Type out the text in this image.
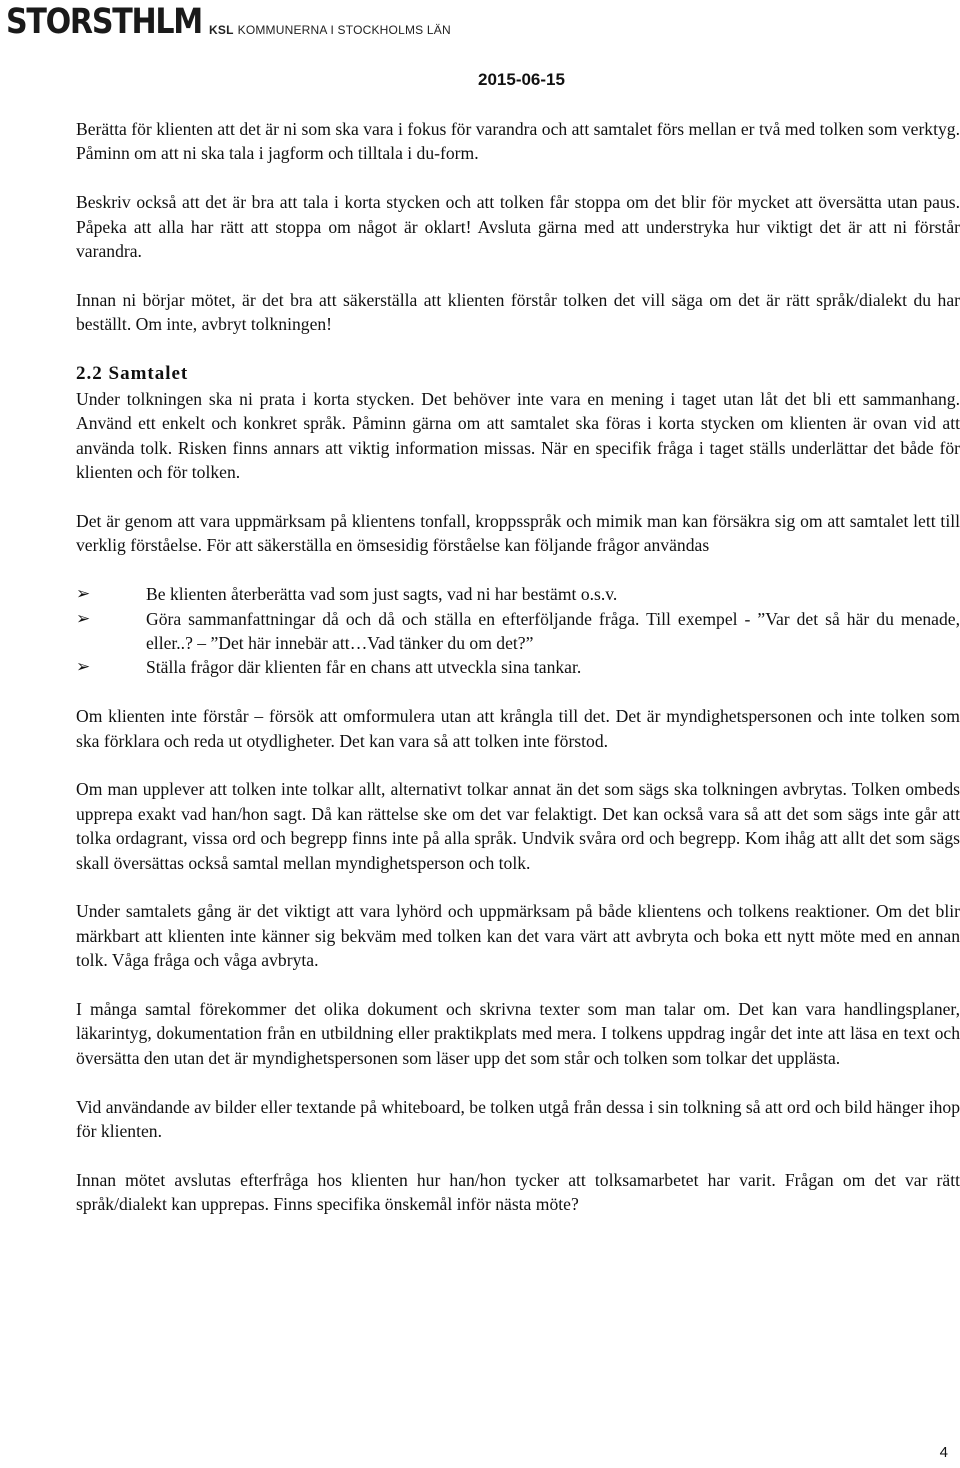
STORSTHLM KSL KOMMUNERNA I STOCKHOLMS LÄN
2015-06-15

Berätta för klienten att det är ni som ska vara i fokus för varandra och att samtalet förs mellan er två med tolken som verktyg. Påminn om att ni ska tala i jagform och tilltala i du-form.

Beskriv också att det är bra att tala i korta stycken och att tolken får stoppa om det blir för mycket att översätta utan paus. Påpeka att alla har rätt att stoppa om något är oklart! Avsluta gärna med att understryka hur viktigt det är att ni förstår varandra.

Innan ni börjar mötet, är det bra att säkerställa att klienten förstår tolken det vill säga om det är rätt språk/dialekt du har beställt. Om inte, avbryt tolkningen!

2.2 Samtalet

Under tolkningen ska ni prata i korta stycken. Det behöver inte vara en mening i taget utan låt det bli ett sammanhang. Använd ett enkelt och konkret språk. Påminn gärna om att samtalet ska föras i korta stycken om klienten är ovan vid att använda tolk. Risken finns annars att viktig information missas. När en specifik fråga i taget ställs underlättar det både för klienten och för tolken.

Det är genom att vara uppmärksam på klientens tonfall, kroppsspråk och mimik man kan försäkra sig om att samtalet lett till verklig förståelse. För att säkerställa en ömsesidig förståelse kan följande frågor användas

➢	Be klienten återberätta vad som just sagts, vad ni har bestämt o.s.v.
➢	Göra sammanfattningar då och då och ställa en efterföljande fråga. Till exempel - ”Var det så här du menade, eller..? – ”Det här innebär att…Vad tänker du om det?”
➢	Ställa frågor där klienten får en chans att utveckla sina tankar.

Om klienten inte förstår – försök att omformulera utan att krångla till det. Det är myndighetspersonen och inte tolken som ska förklara och reda ut otydligheter. Det kan vara så att tolken inte förstod.

Om man upplever att tolken inte tolkar allt, alternativt tolkar annat än det som sägs ska tolkningen avbrytas. Tolken ombeds upprepa exakt vad han/hon sagt. Då kan rättelse ske om det var felaktigt. Det kan också vara så att det som sägs inte går att tolka ordagrant, vissa ord och begrepp finns inte på alla språk. Undvik svåra ord och begrepp. Kom ihåg att allt det som sägs skall översättas också samtal mellan myndighetsperson och tolk.

Under samtalets gång är det viktigt att vara lyhörd och uppmärksam på både klientens och tolkens reaktioner. Om det blir märkbart att klienten inte känner sig bekväm med tolken kan det vara värt att avbryta och boka ett nytt möte med en annan tolk. Våga fråga och våga avbryta.

I många samtal förekommer det olika dokument och skrivna texter som man talar om. Det kan vara handlingsplaner, läkarintyg, dokumentation från en utbildning eller praktikplats med mera. I tolkens uppdrag ingår det inte att läsa en text och översätta den utan det är myndighetspersonen som läser upp det som står och tolken som tolkar det upplästa.

Vid användande av bilder eller textande på whiteboard, be tolken utgå från dessa i sin tolkning så att ord och bild hänger ihop för klienten.

Innan mötet avslutas efterfråga hos klienten hur han/hon tycker att tolksamarbetet har varit. Frågan om det var rätt språk/dialekt kan upprepas. Finns specifika önskemål inför nästa möte?

4
